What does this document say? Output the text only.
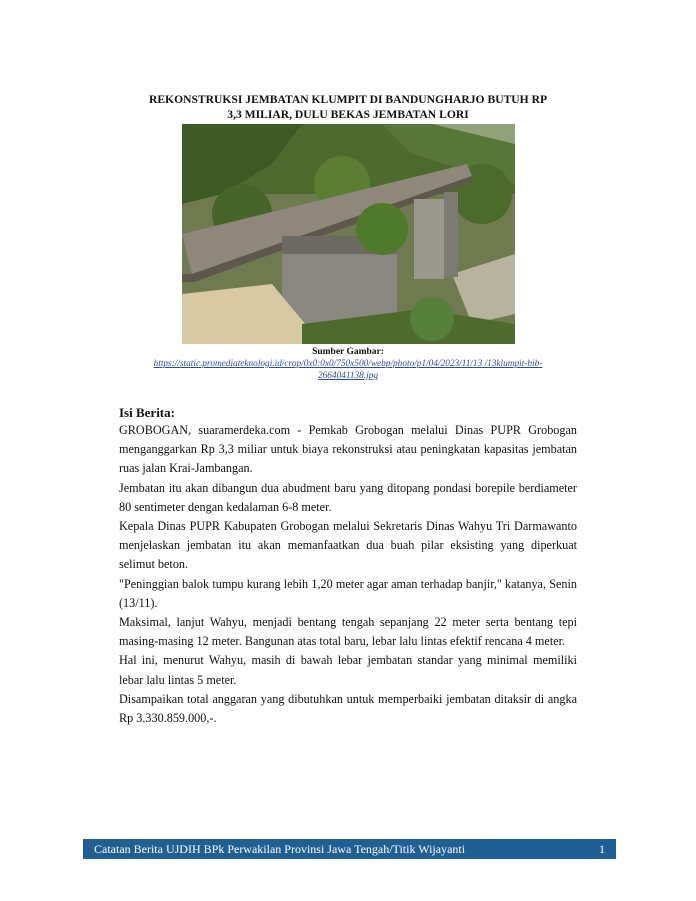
REKONSTRUKSI JEMBATAN KLUMPIT DI BANDUNGHARJO BUTUH RP
3,3 MILIAR, DULU BEKAS JEMBATAN LORI
Sumber Gambar:
https://static.promediateknologi.id/crop/0x0:0x0/750x500/webp/photo/p1/04/2023/11/13 /13klumpit-bib-
2664041138.jpg
Isi Berita:

GROBOGAN, suaramerdeka.com - Pemkab Grobogan melalui Dinas PUPR Grobogan menganggarkan Rp 3,3 miliar untuk biaya rekonstruksi atau peningkatan kapasitas jembatan ruas jalan Krai-Jambangan.

Jembatan itu akan dibangun dua abudment baru yang ditopang pondasi borepile berdiameter 80 sentimeter dengan kedalaman 6-8 meter.

Kepala Dinas PUPR Kabupaten Grobogan melalui Sekretaris Dinas Wahyu Tri Darmawanto menjelaskan jembatan itu akan memanfaatkan dua buah pilar eksisting yang diperkuat selimut beton.

"Peninggian balok tumpu kurang lebih 1,20 meter agar aman terhadap banjir," katanya, Senin (13/11).

Maksimal, lanjut Wahyu, menjadi bentang tengah sepanjang 22 meter serta bentang tepi masing-masing 12 meter. Bangunan atas total baru, lebar lalu lintas efektif rencana 4 meter.

Hal ini, menurut Wahyu, masih di bawah lebar jembatan standar yang minimal memiliki lebar lalu lintas 5 meter.

Disampaikan total anggaran yang dibutuhkan untuk memperbaiki jembatan ditaksir di angka Rp 3.330.859.000,-.

Catatan Berita UJDIH BPk Perwakilan Provinsi Jawa Tengah/Titik Wijayanti	1
